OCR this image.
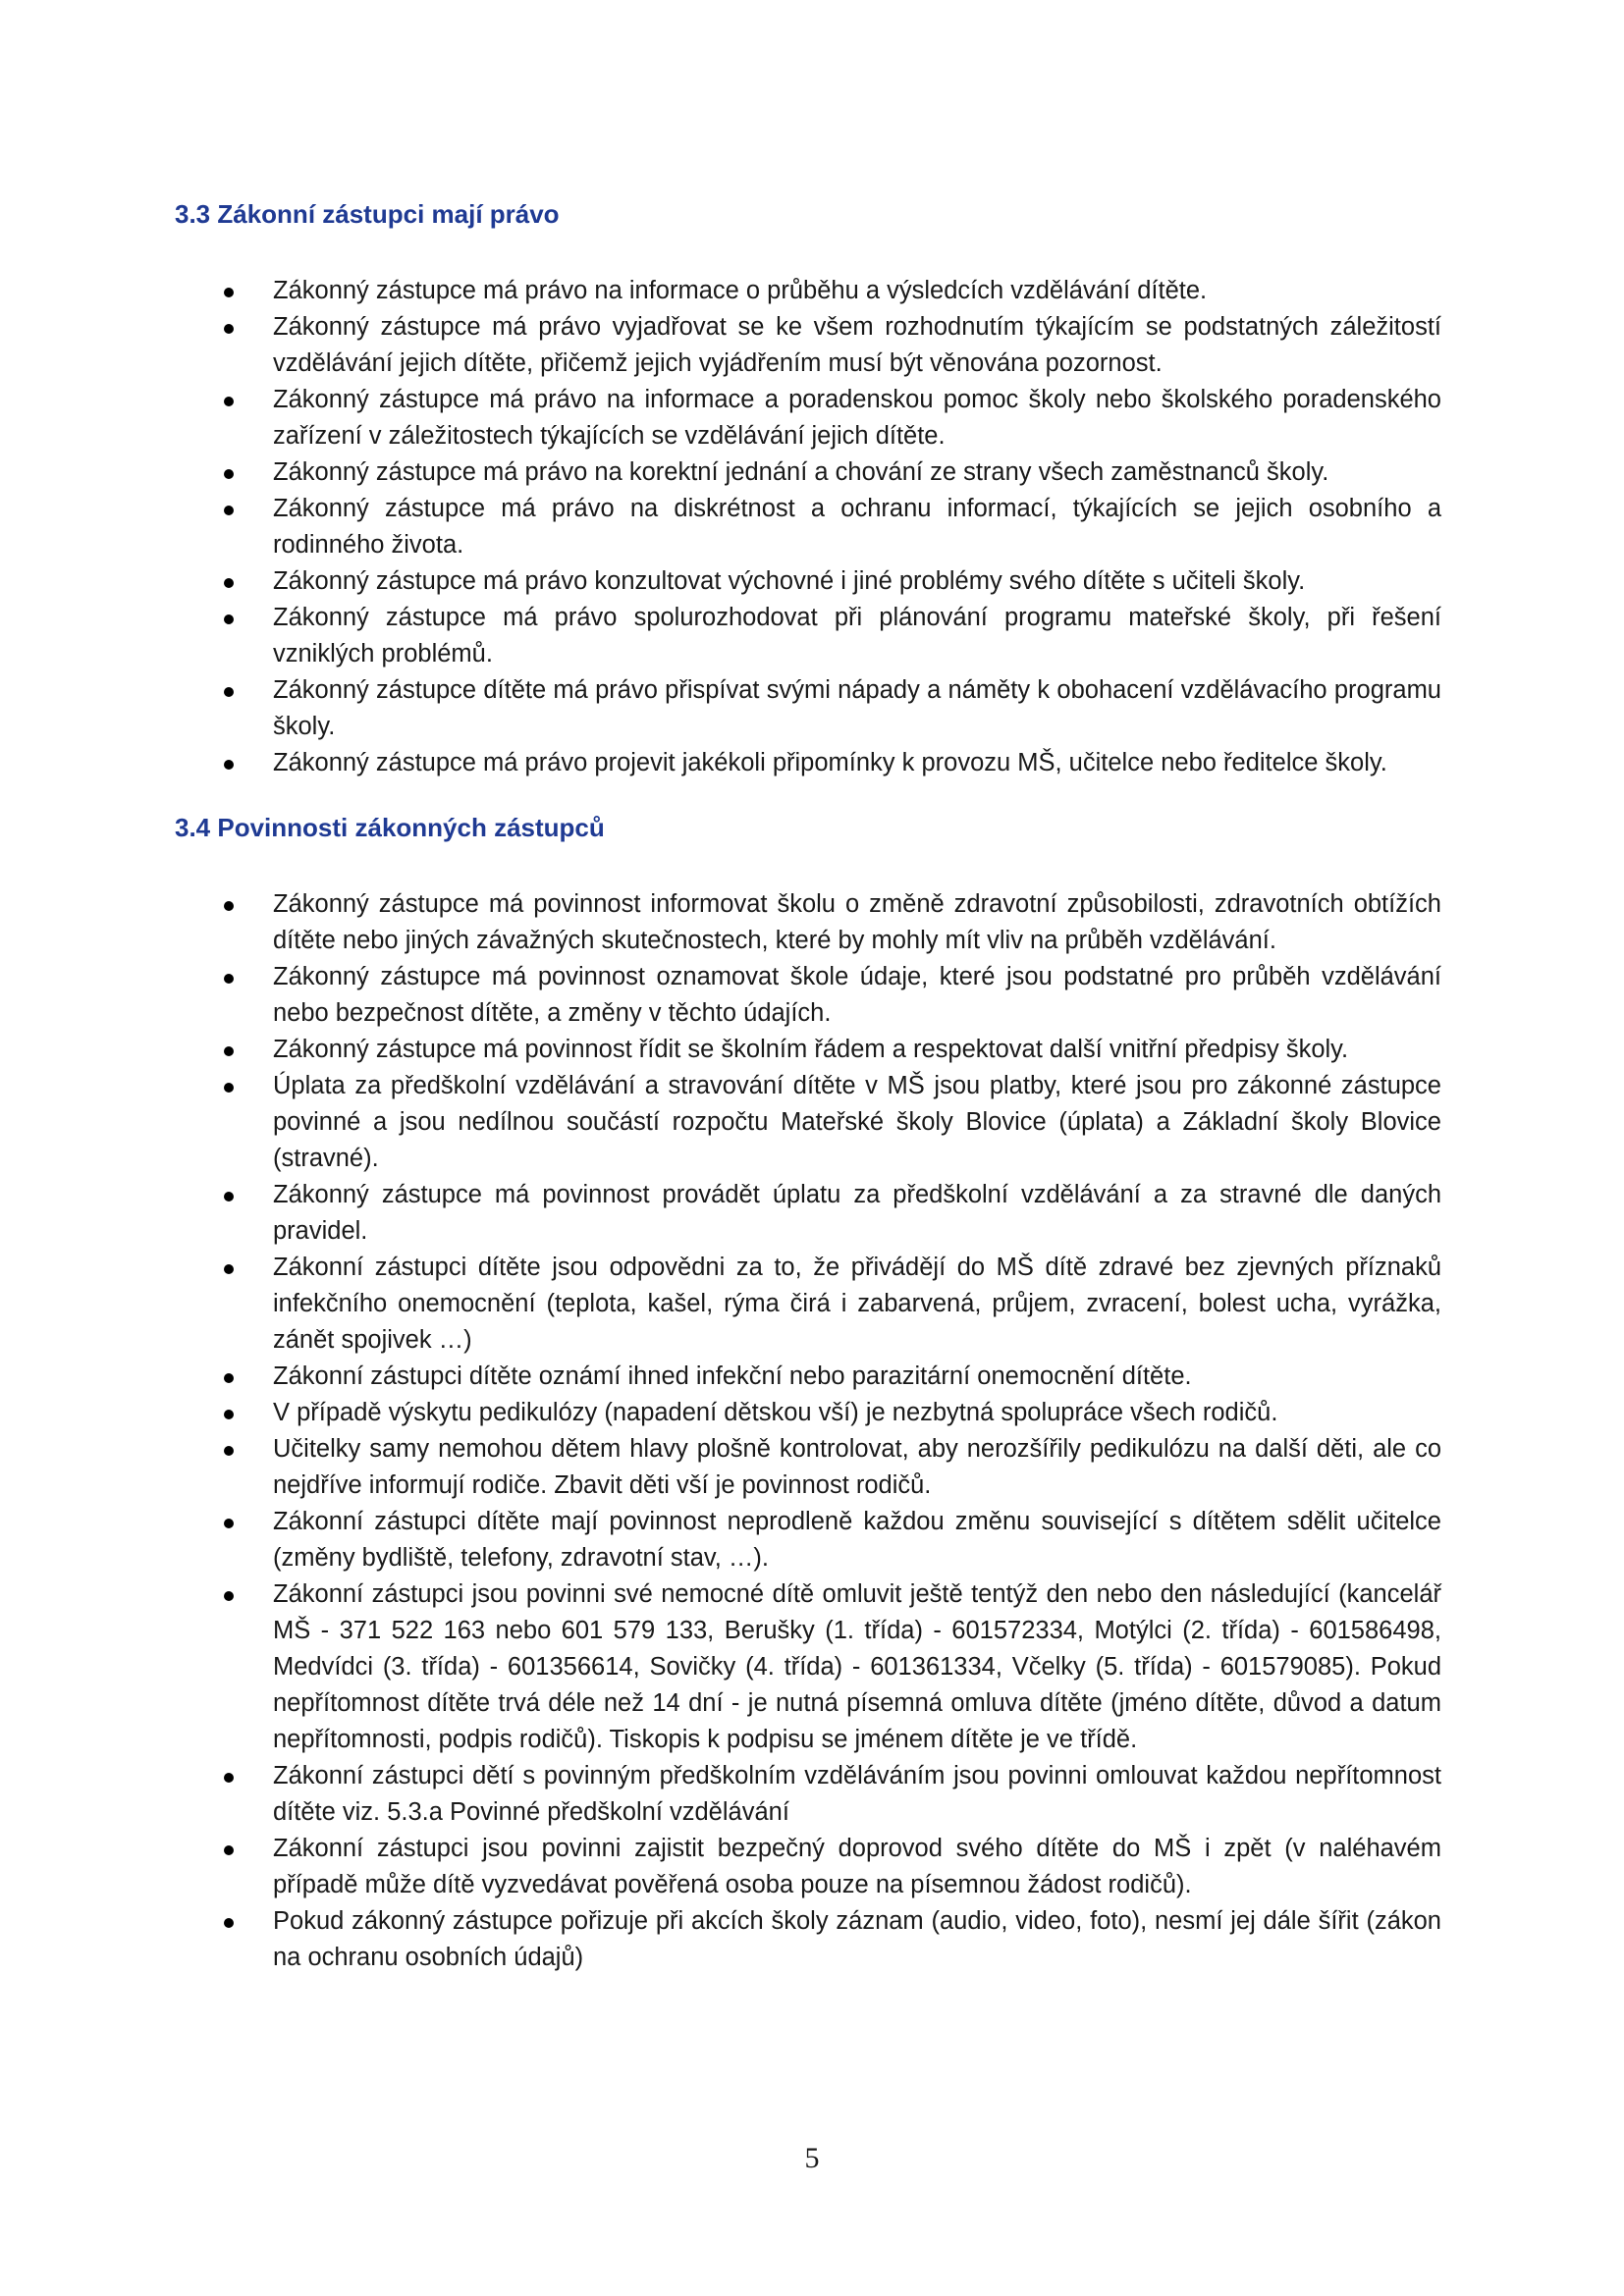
3.3 Zákonní zástupci mají právo
Zákonný zástupce má právo na informace o průběhu a výsledcích vzdělávání dítěte.
Zákonný zástupce má právo vyjadřovat se ke všem rozhodnutím týkajícím se podstatných záležitostí vzdělávání jejich dítěte, přičemž jejich vyjádřením musí být věnována pozornost.
Zákonný zástupce má právo na informace a poradenskou pomoc školy nebo školského poradenského zařízení v záležitostech týkajících se vzdělávání jejich dítěte.
Zákonný zástupce má právo na korektní jednání a chování ze strany všech zaměstnanců školy.
Zákonný zástupce má právo na diskrétnost a ochranu informací, týkajících se jejich osobního a rodinného života.
Zákonný zástupce má právo konzultovat výchovné i jiné problémy svého dítěte s učiteli školy.
Zákonný zástupce má právo spolurozhodovat při plánování programu mateřské školy, při řešení vzniklých problémů.
Zákonný zástupce dítěte má právo přispívat svými nápady a náměty k obohacení vzdělávacího programu školy.
Zákonný zástupce má právo projevit jakékoli připomínky k provozu MŠ, učitelce nebo ředitelce školy.
3.4 Povinnosti zákonných zástupců
Zákonný zástupce má povinnost informovat školu o změně zdravotní způsobilosti, zdravotních obtížích dítěte nebo jiných závažných skutečnostech, které by mohly mít vliv na průběh vzdělávání.
Zákonný zástupce má povinnost oznamovat škole údaje, které jsou podstatné pro průběh vzdělávání nebo bezpečnost dítěte, a změny v těchto údajích.
Zákonný zástupce má povinnost řídit se školním řádem a respektovat další vnitřní předpisy školy.
Úplata za předškolní vzdělávání a stravování dítěte v MŠ jsou platby, které jsou pro zákonné zástupce povinné a jsou nedílnou součástí rozpočtu Mateřské školy Blovice (úplata) a Základní školy Blovice (stravné).
Zákonný zástupce má povinnost provádět úplatu za předškolní vzdělávání a za stravné dle daných pravidel.
Zákonní zástupci dítěte jsou odpovědni za to, že přivádějí do MŠ dítě zdravé bez zjevných příznaků infekčního onemocnění (teplota, kašel, rýma čirá i zabarvená, průjem, zvracení, bolest ucha, vyrážka, zánět spojivek …)
Zákonní zástupci dítěte oznámí ihned infekční nebo parazitární onemocnění dítěte.
V případě výskytu pedikulózy (napadení dětskou vší) je nezbytná spolupráce všech rodičů.
Učitelky samy nemohou dětem hlavy plošně kontrolovat, aby nerozšířily pedikulózu na další děti, ale co nejdříve informují rodiče. Zbavit děti vší je povinnost rodičů.
Zákonní zástupci dítěte mají povinnost neprodleně každou změnu související s dítětem sdělit učitelce (změny bydliště, telefony, zdravotní stav, …).
Zákonní zástupci jsou povinni své nemocné dítě omluvit ještě tentýž den nebo den následující (kancelář MŠ - 371 522 163 nebo 601 579 133, Berušky (1. třída) - 601572334, Motýlci (2. třída) - 601586498, Medvídci (3. třída) - 601356614, Sovičky (4. třída) - 601361334, Včelky (5. třída) - 601579085). Pokud nepřítomnost dítěte trvá déle než 14 dní - je nutná písemná omluva dítěte (jméno dítěte, důvod a datum nepřítomnosti, podpis rodičů). Tiskopis k podpisu se jménem dítěte je ve třídě.
Zákonní zástupci dětí s povinným předškolním vzděláváním jsou povinni omlouvat každou nepřítomnost dítěte viz. 5.3.a Povinné předškolní vzdělávání
Zákonní zástupci jsou povinni zajistit bezpečný doprovod svého dítěte do MŠ i zpět (v naléhavém případě může dítě vyzvedávat pověřená osoba pouze na písemnou žádost rodičů).
Pokud zákonný zástupce pořizuje při akcích školy záznam (audio, video, foto), nesmí jej dále šířit (zákon na ochranu osobních údajů)
5
